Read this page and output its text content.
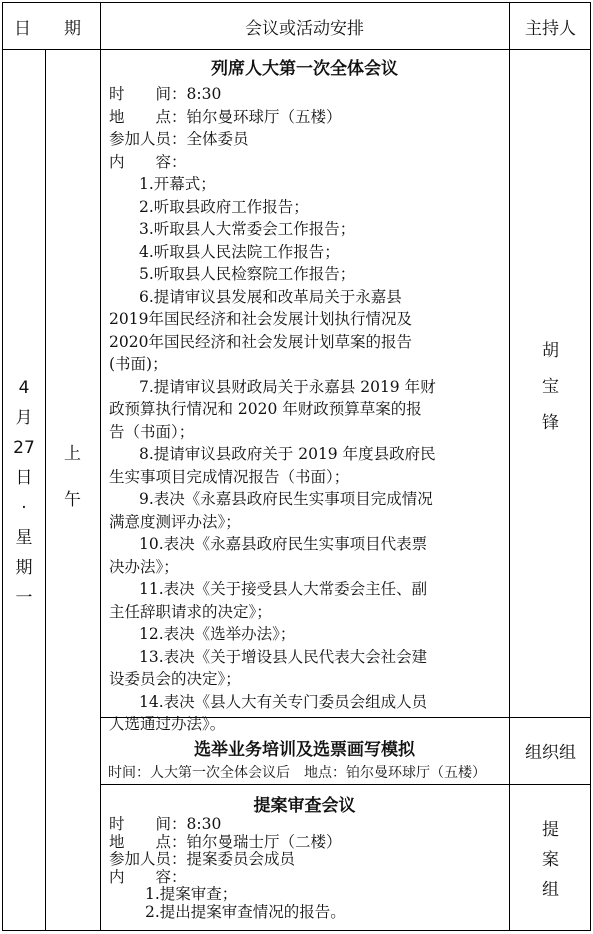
日　期	会议或活动安排	主持人
4
月
27
日
·
星
期
一
上
午
列席人大第一次全体会议
时　　间：8:30
地　　点：铂尔曼环球厅（五楼）
参加人员：全体委员
内　　容：
1.开幕式；
2.听取县政府工作报告；
3.听取县人大常委会工作报告；
4.听取县人民法院工作报告；
5.听取县人民检察院工作报告；
6.提请审议县发展和改革局关于永嘉县
2019年国民经济和社会发展计划执行情况及
2020年国民经济和社会发展计划草案的报告
(书面)；
7.提请审议县财政局关于永嘉县 2019 年财
政预算执行情况和 2020 年财政预算草案的报
告（书面）；
8.提请审议县政府关于 2019 年度县政府民
生实事项目完成情况报告（书面）；
9.表决《永嘉县政府民生实事项目完成情况
满意度测评办法》；
10.表决《永嘉县政府民生实事项目代表票
决办法》；
11.表决《关于接受县人大常委会主任、副
主任辞职请求的决定》；
12.表决《选举办法》；
13.表决《关于增设县人民代表大会社会建
设委员会的决定》；
14.表决《县人大有关专门委员会组成人员
人选通过办法》。
胡
宝
锋
选举业务培训及选票画写模拟
时间：人大第一次全体会议后　地点：铂尔曼环球厅（五楼）
组织组
提案审查会议
时　　间：8:30
地　　点：铂尔曼瑞士厅（二楼）
参加人员：提案委员会成员
内　　容：
1.提案审查；
2.提出提案审查情况的报告。
提
案
组
